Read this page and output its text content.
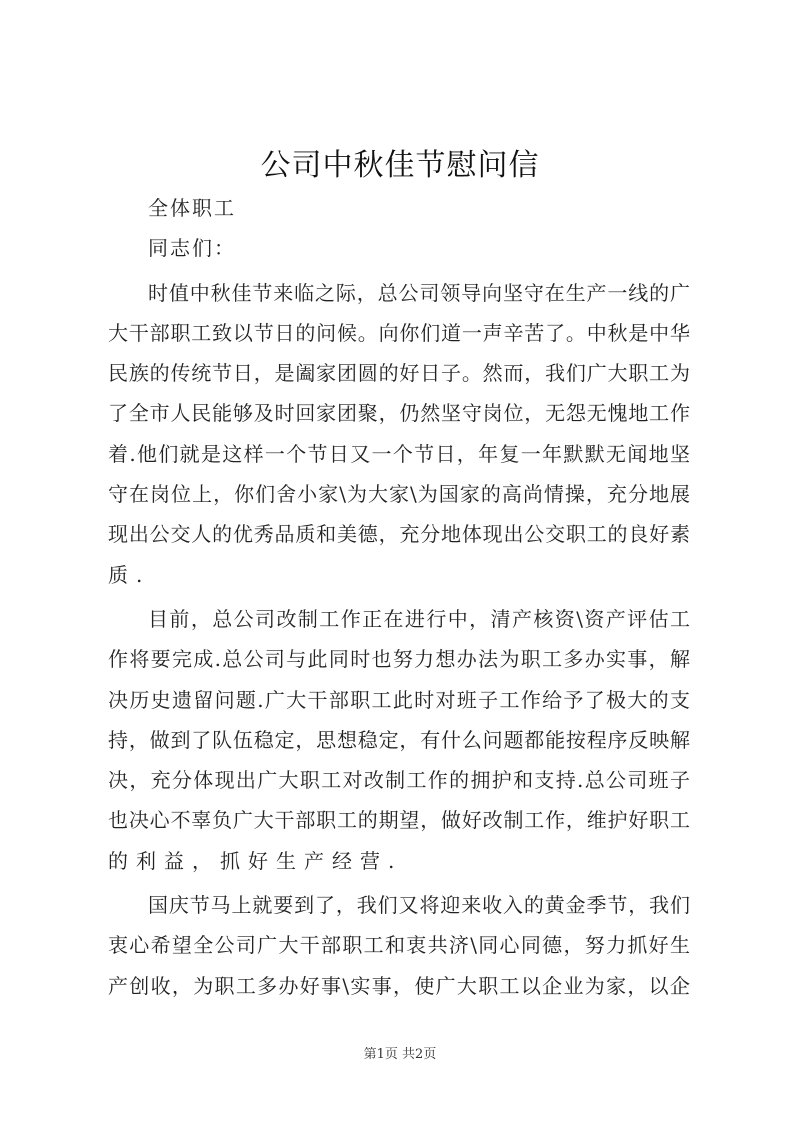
公司中秋佳节慰问信
全体职工
同志们：
时值中秋佳节来临之际，总公司领导向坚守在生产一线的广
大干部职工致以节日的问候。向你们道一声辛苦了。中秋是中华
民族的传统节日，是阖家团圆的好日子。然而，我们广大职工为
了全市人民能够及时回家团聚，仍然坚守岗位，无怨无愧地工作
着.他们就是这样一个节日又一个节日，年复一年默默无闻地坚
守在岗位上，你们舍小家\为大家\为国家的高尚情操，充分地展
现出公交人的优秀品质和美德，充分地体现出公交职工的良好素
质.
目前，总公司改制工作正在进行中，清产核资\资产评估工
作将要完成.总公司与此同时也努力想办法为职工多办实事，解
决历史遗留问题.广大干部职工此时对班子工作给予了极大的支
持，做到了队伍稳定，思想稳定，有什么问题都能按程序反映解
决，充分体现出广大职工对改制工作的拥护和支持.总公司班子
也决心不辜负广大干部职工的期望，做好改制工作，维护好职工
的利益，抓好生产经营.
国庆节马上就要到了，我们又将迎来收入的黄金季节，我们
衷心希望全公司广大干部职工和衷共济\同心同德，努力抓好生
产创收，为职工多办好事\实事，使广大职工以企业为家，以企
第1页 共2页
